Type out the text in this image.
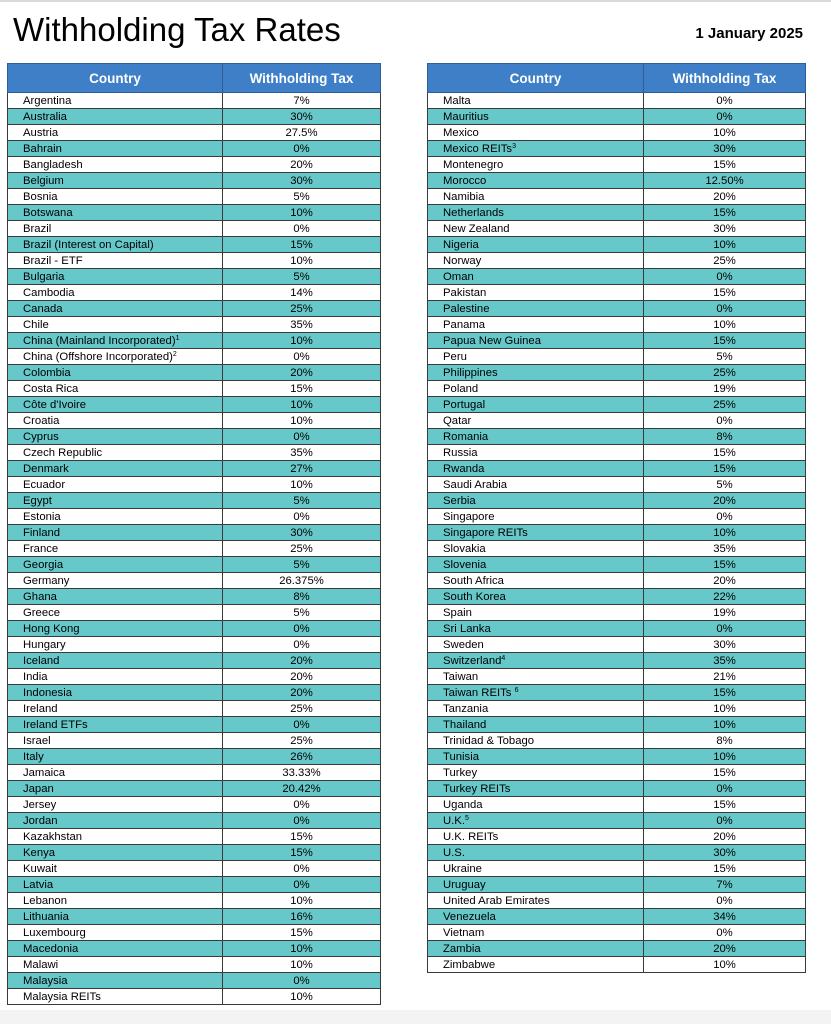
Withholding Tax Rates	1 January 2025
Country	Withholding Tax
Argentina	7%
Australia	30%
Austria	27.5%
Bahrain	0%
Bangladesh	20%
Belgium	30%
Bosnia	5%
Botswana	10%
Brazil	0%
Brazil (Interest on Capital)	15%
Brazil - ETF	10%
Bulgaria	5%
Cambodia	14%
Canada	25%
Chile	35%
China (Mainland Incorporated)$^1$	10%
China (Offshore Incorporated)$^2$	0%
Colombia	20%
Costa Rica	15%
Côte d'Ivoire	10%
Croatia	10%
Cyprus	0%
Czech Republic	35%
Denmark	27%
Ecuador	10%
Egypt	5%
Estonia	0%
Finland	30%
France	25%
Georgia	5%
Germany	26.375%
Ghana	8%
Greece	5%
Hong Kong	0%
Hungary	0%
Iceland	20%
India	20%
Indonesia	20%
Ireland	25%
Ireland ETFs	0%
Israel	25%
Italy	26%
Jamaica	33.33%
Japan	20.42%
Jersey	0%
Jordan	0%
Kazakhstan	15%
Kenya	15%
Kuwait	0%
Latvia	0%
Lebanon	10%
Lithuania	16%
Luxembourg	15%
Macedonia	10%
Malawi	10%
Malaysia	0%
Malaysia REITs	10%
Country	Withholding Tax
Malta	0%
Mauritius	0%
Mexico	10%
Mexico REITs$^3$	30%
Montenegro	15%
Morocco	12.50%
Namibia	20%
Netherlands	15%
New Zealand	30%
Nigeria	10%
Norway	25%
Oman	0%
Pakistan	15%
Palestine	0%
Panama	10%
Papua New Guinea	15%
Peru	5%
Philippines	25%
Poland	19%
Portugal	25%
Qatar	0%
Romania	8%
Russia	15%
Rwanda	15%
Saudi Arabia	5%
Serbia	20%
Singapore	0%
Singapore REITs	10%
Slovakia	35%
Slovenia	15%
South Africa	20%
South Korea	22%
Spain	19%
Sri Lanka	0%
Sweden	30%
Switzerland$^4$	35%
Taiwan	21%
Taiwan REITs $^6$	15%
Tanzania	10%
Thailand	10%
Trinidad & Tobago	8%
Tunisia	10%
Turkey	15%
Turkey REITs	0%
Uganda	15%
U.K.$^5$	0%
U.K. REITs	20%
U.S.	30%
Ukraine	15%
Uruguay	7%
United Arab Emirates	0%
Venezuela	34%
Vietnam	0%
Zambia	20%
Zimbabwe	10%
